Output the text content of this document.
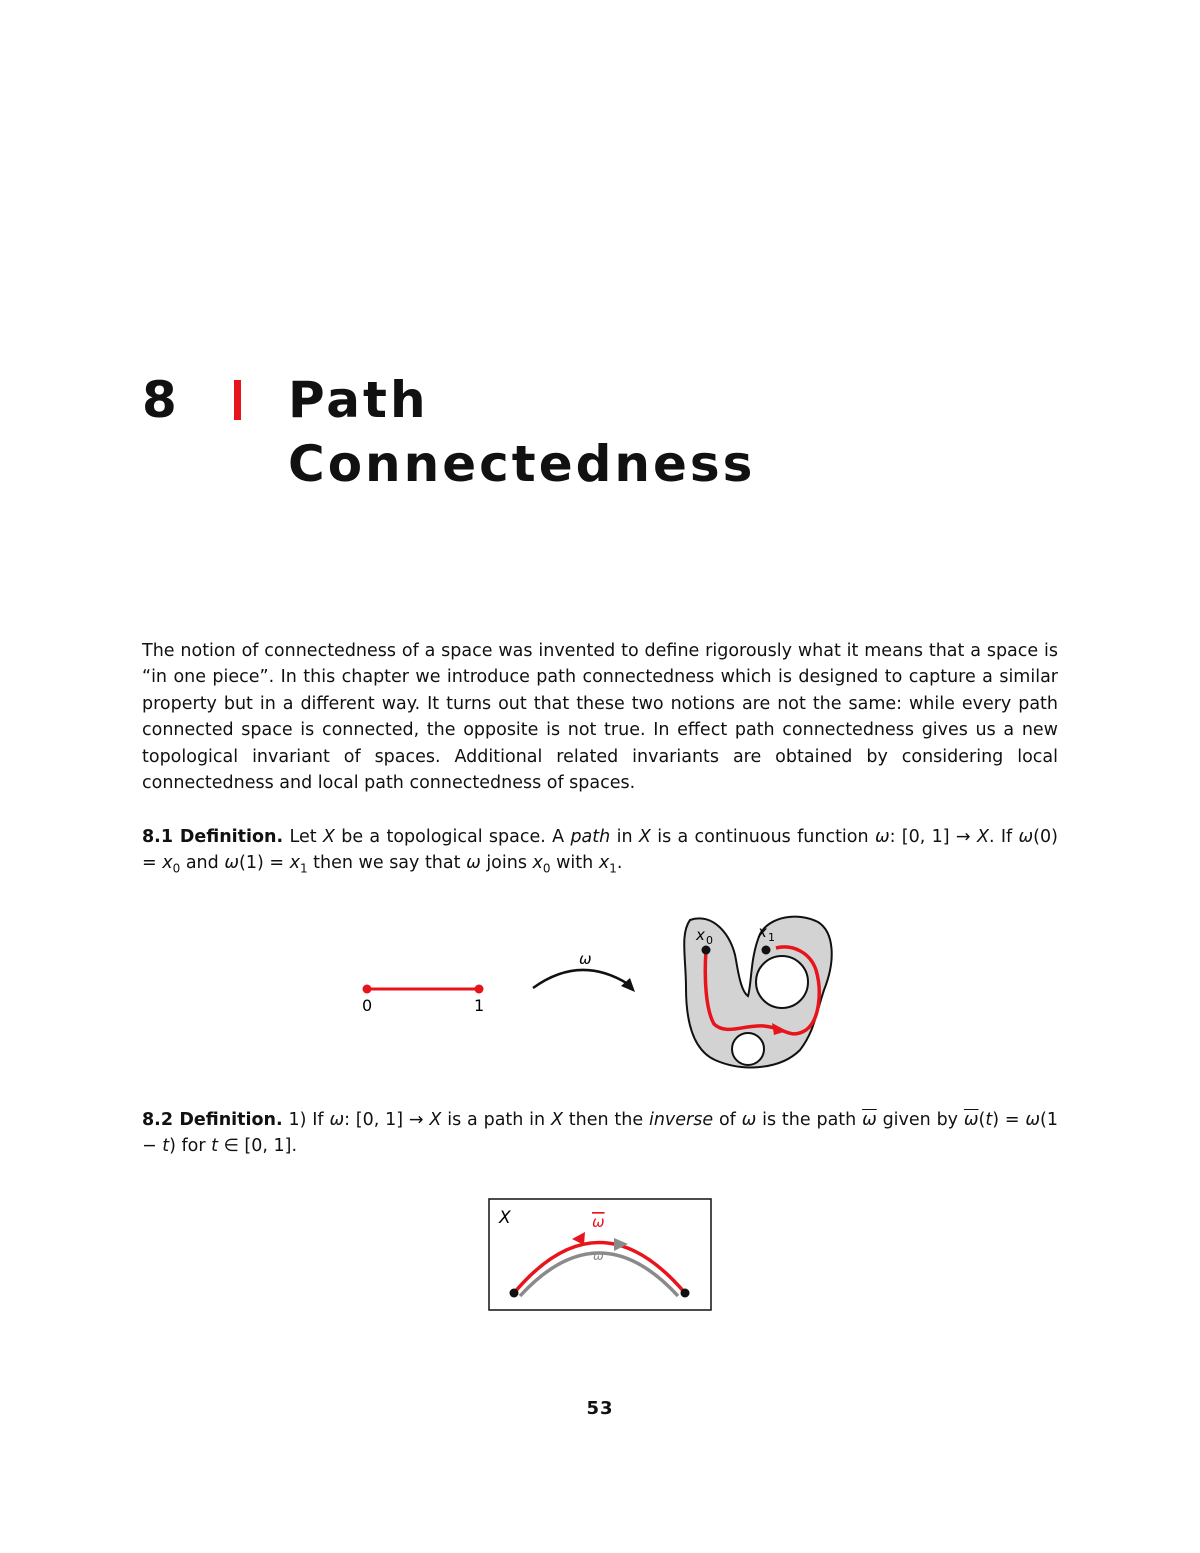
8 Path
Connectedness

The notion of connectedness of a space was invented to define rigorously what it means that a space is “in one piece”. In this chapter we introduce path connectedness which is designed to capture a similar property but in a different way. It turns out that these two notions are not the same: while every path connected space is connected, the opposite is not true. In effect path connectedness gives us a new topological invariant of spaces. Additional related invariants are obtained by considering local connectedness and local path connectedness of spaces.

8.1 Definition. Let X be a topological space. A path in X is a continuous function ω: [0, 1] → X. If $\omega(0) = x_0$ and $\omega(1) = x_1$ then we say that ω joins $x_0$ with $x_1$.

0	1
ω
x 0	x 1

8.2 Definition. 1) If ω: [0, 1] → X is a path in X then the inverse of ω is the path $\overline{\omega}$ given by $\overline{\omega}(t) = \omega(1 - t)$ for t ∈ [0, 1].

X	ω
ω
53
